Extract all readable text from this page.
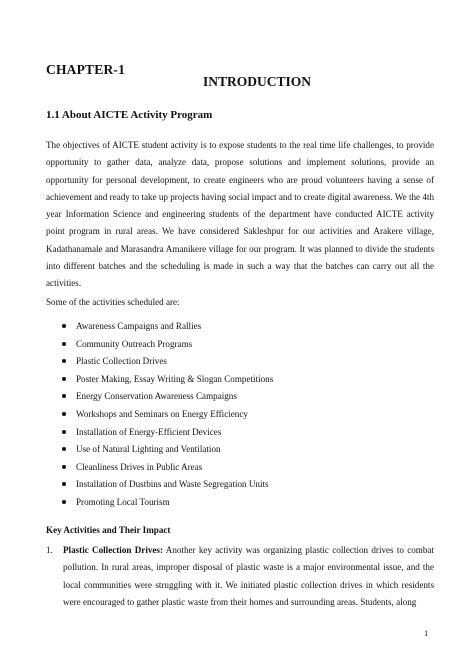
CHAPTER-1
INTRODUCTION
1.1 About AICTE Activity Program
The objectives of AICTE student activity is to expose students to the real time life challenges, to provide opportunity to gather data, analyze data, propose solutions and implement solutions, provide an opportunity for personal development, to create engineers who are proud volunteers having a sense of achievement and ready to take up projects having social impact and to create digital awareness. We the 4th year Information Science and engineering students of the department have conducted AICTE activity point program in rural areas. We have considered Sakleshpur for our activities and Arakere village, Kadathanamale and Marasandra Amanikere village for our program. It was planned to divide the students into different batches and the scheduling is made in such a way that the batches can carry out all the activities.
Some of the activities scheduled are:
Awareness Campaigns and Rallies
Community Outreach Programs
Plastic Collection Drives
Poster Making, Essay Writing & Slogan Competitions
Energy Conservation Awareness Campaigns
Workshops and Seminars on Energy Efficiency
Installation of Energy-Efficient Devices
Use of Natural Lighting and Ventilation
Cleanliness Drives in Public Areas
Installation of Dustbins and Waste Segregation Units
Promoting Local Tourism
Key Activities and Their Impact
1. Plastic Collection Drives: Another key activity was organizing plastic collection drives to combat pollution. In rural areas, improper disposal of plastic waste is a major environmental issue, and the local communities were struggling with it. We initiated plastic collection drives in which residents were encouraged to gather plastic waste from their homes and surrounding areas. Students, along
1
